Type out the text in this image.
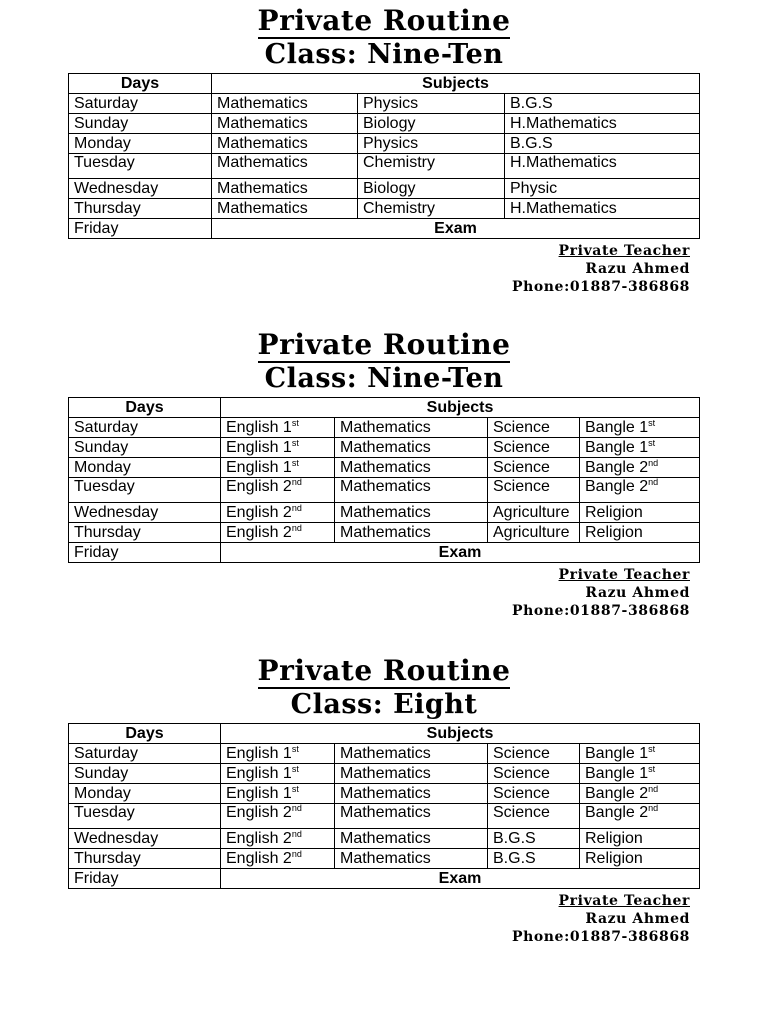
Private Routine
Class: Nine-Ten
Days	Subjects		
Saturday	Mathematics	Physics	B.G.S
Sunday	Mathematics	Biology	H.Mathematics
Monday	Mathematics	Physics	B.G.S
Tuesday	Mathematics	Chemistry	H.Mathematics
Wednesday	Mathematics	Biology	Physic
Thursday	Mathematics	Chemistry	H.Mathematics
Friday	Exam		
Private Teacher
Razu Ahmed
Phone:01887-386868
Private Routine
Class: Nine-Ten
Days	Subjects			
Saturday	English 1st	Mathematics	Science	Bangle 1st
Sunday	English 1st	Mathematics	Science	Bangle 1st
Monday	English 1st	Mathematics	Science	Bangle 2nd
Tuesday	English 2nd	Mathematics	Science	Bangle 2nd
Wednesday	English 2nd	Mathematics	Agriculture	Religion
Thursday	English 2nd	Mathematics	Agriculture	Religion
Friday	Exam			
Private Teacher
Razu Ahmed
Phone:01887-386868
Private Routine
Class: Eight
Days	Subjects			
Saturday	English 1st	Mathematics	Science	Bangle 1st
Sunday	English 1st	Mathematics	Science	Bangle 1st
Monday	English 1st	Mathematics	Science	Bangle 2nd
Tuesday	English 2nd	Mathematics	Science	Bangle 2nd
Wednesday	English 2nd	Mathematics	B.G.S	Religion
Thursday	English 2nd	Mathematics	B.G.S	Religion
Friday	Exam			
Private Teacher
Razu Ahmed
Phone:01887-386868
